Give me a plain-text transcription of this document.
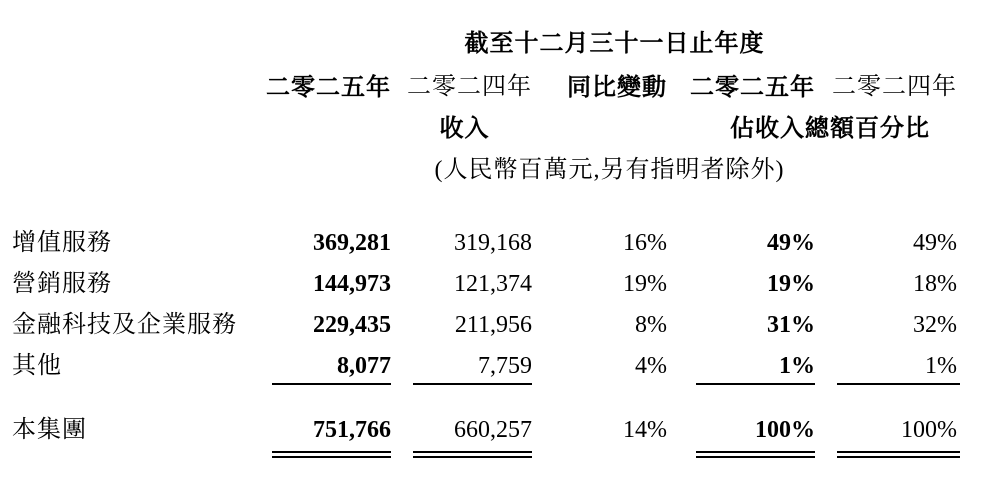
	截至十二月三十一日止年度				
	二零二五年	二零二四年	同比變動	二零二五年	二零二四年
	收入			佔收入總額百分比	
	(人民幣百萬元,另有指明者除外)				

增值服務	369,281	319,168	16%	49%	49%
營銷服務	144,973	121,374	19%	19%	18%
金融科技及企業服務	229,435	211,956	8%	31%	32%
其他	8,077	7,759	4%	1%	1%

本集團	751,766	660,257	14%	100%	100%
